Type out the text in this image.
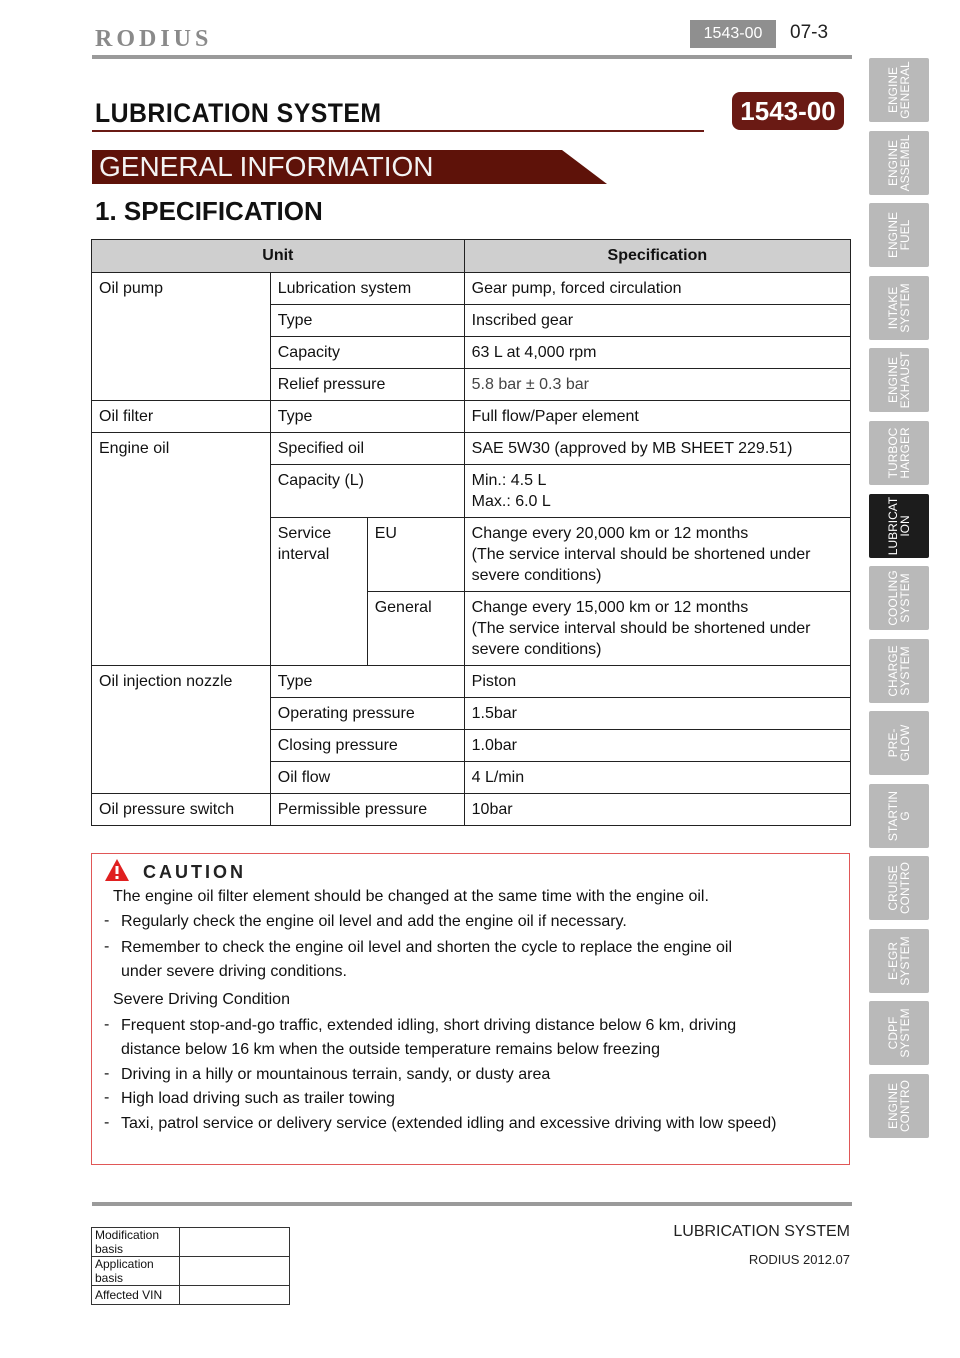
RODIUS	1543-00	07-3
LUBRICATION SYSTEM	1543-00
GENERAL INFORMATION
1. SPECIFICATION
Unit			Specification
Oil pump	Lubrication system		Gear pump, forced circulation
	Type		Inscribed gear
	Capacity		63 L at 4,000 rpm
	Relief pressure		5.8 bar ± 0.3 bar
Oil filter	Type		Full flow/Paper element
Engine oil	Specified oil		SAE 5W30 (approved by MB SHEET 229.51)
	Capacity (L)		Min.: 4.5 L
Max.: 6.0 L

	Service interval	EU	Change every 20,000 km or 12 months
(The service interval should be shortened under severe conditions)

		General	Change every 15,000 km or 12 months
(The service interval should be shortened under severe conditions)

Oil injection nozzle	Type		Piston
	Operating pressure		1.5bar
	Closing pressure		1.0bar
	Oil flow		4 L/min
Oil pressure switch	Permissible pressure		10bar
CAUTION
The engine oil filter element should be changed at the same time with the engine oil.
- Regularly check the engine oil level and add the engine oil if necessary.
- Remember to check the engine oil level and shorten the cycle to replace the engine oil
under severe driving conditions.
Severe Driving Condition
- Frequent stop-and-go traffic, extended idling, short driving distance below 6 km, driving
distance below 16 km when the outside temperature remains below freezing
- Driving in a hilly or mountainous terrain, sandy, or dusty area
- High load driving such as trailer towing
- Taxi, patrol service or delivery service (extended idling and excessive driving with low speed)
Modification basis	
Application basis	
Affected VIN	
LUBRICATION SYSTEM
RODIUS 2012.07
ENGINE
GENERAL
ENGINE
ASSEMBL
ENGINE
FUEL
INTAKE
SYSTEM
ENGINE
EXHAUST
TURBOC
HARGER
LUBRICAT
ION
COOLING
SYSTEM
CHARGE
SYSTEM
PRE-
GLOW
STARTIN
G
CRUISE
CONTRO
E-EGR
SYSTEM
CDPF
SYSTEM
ENGINE
CONTRO
